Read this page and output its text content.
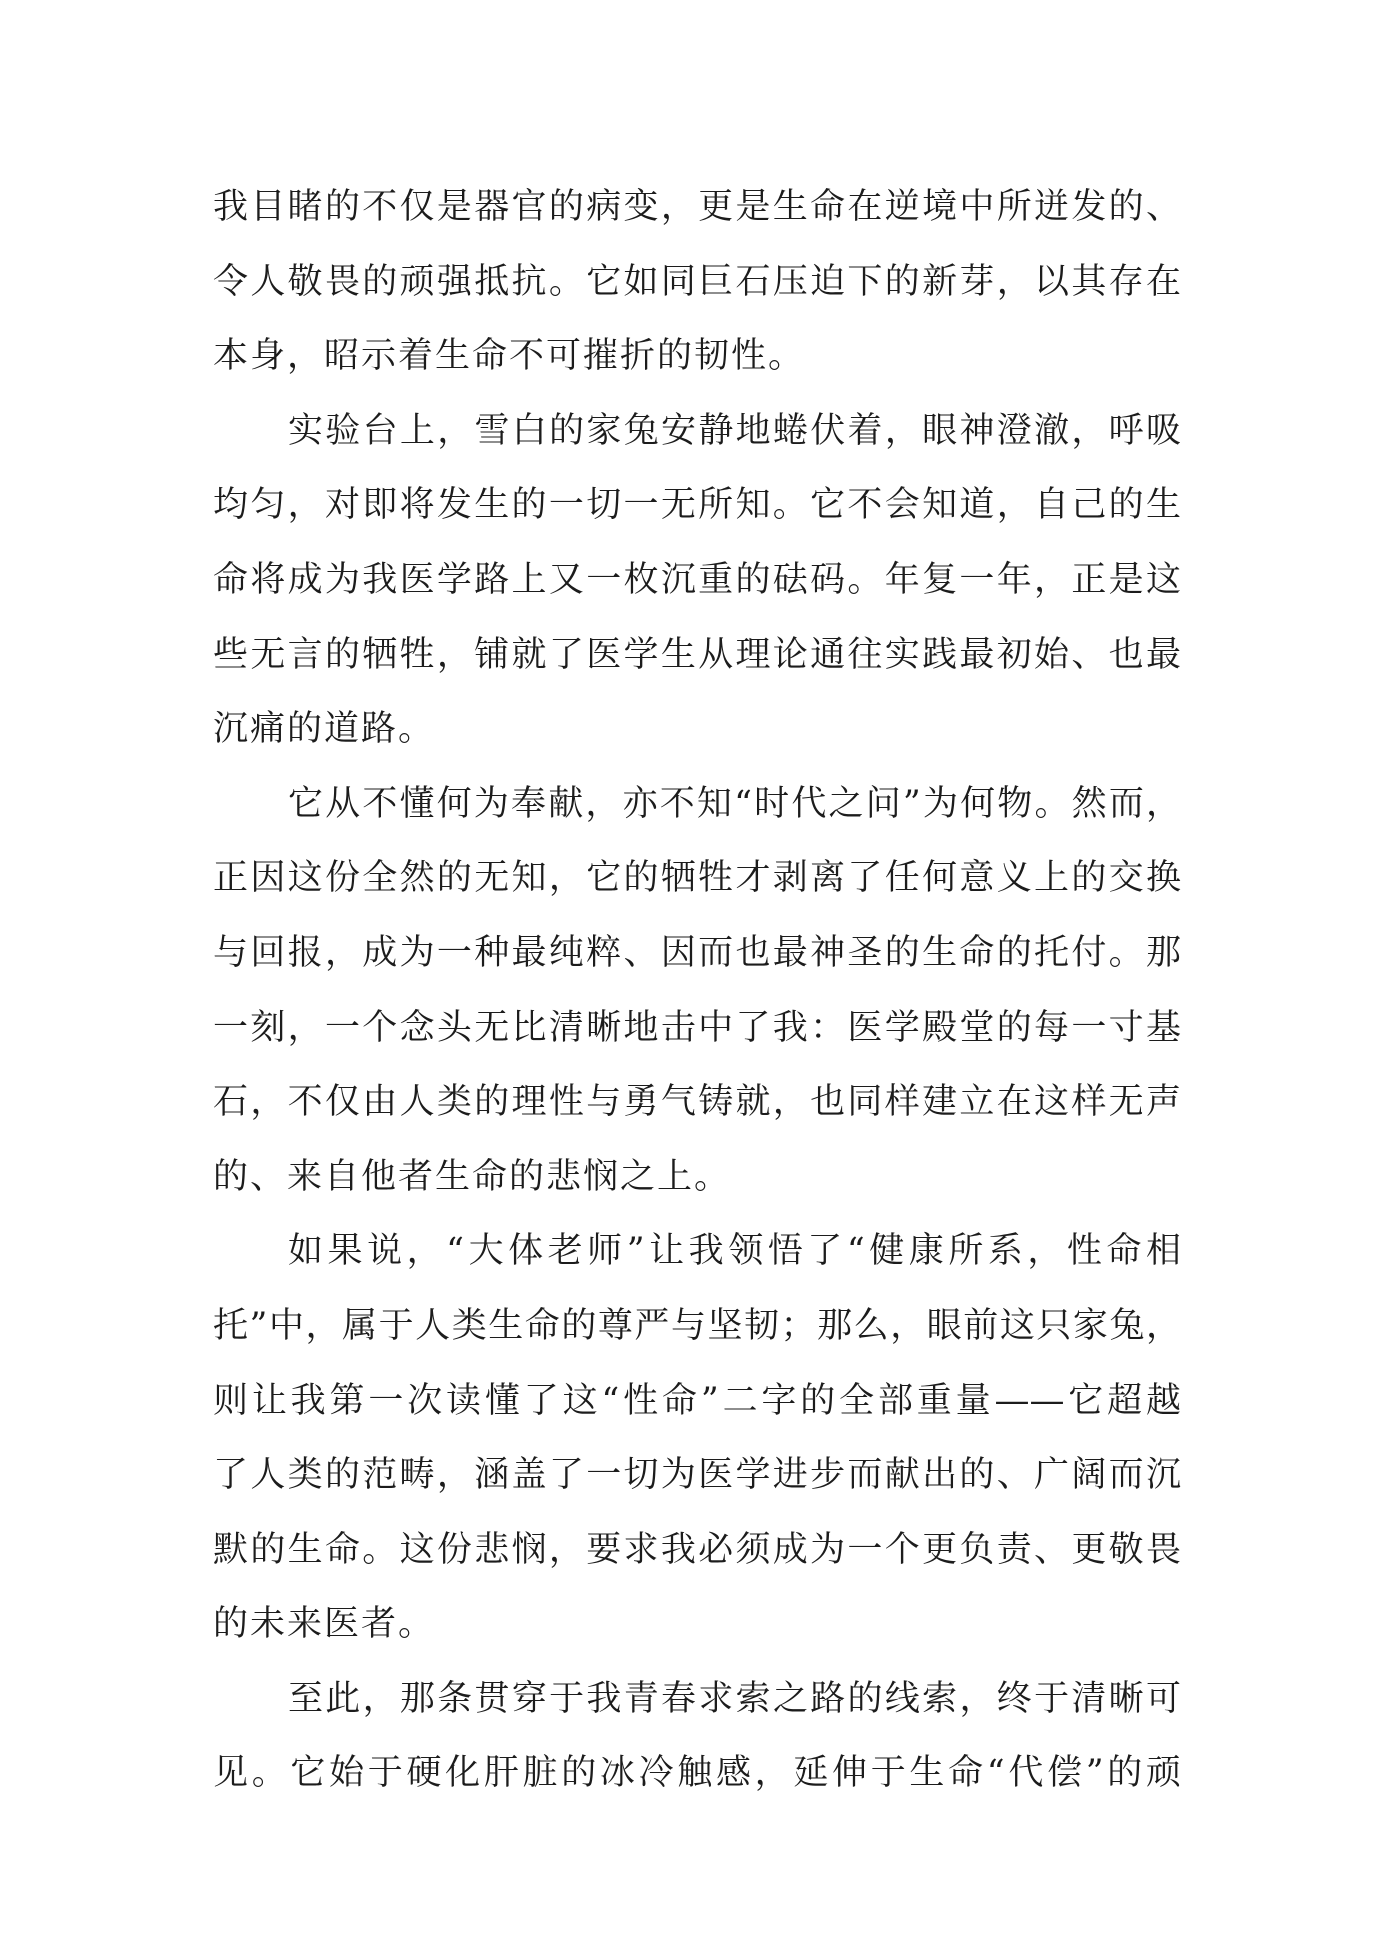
我目睹的不仅是器官的病变，更是生命在逆境中所迸发的、
令人敬畏的顽强抵抗。它如同巨石压迫下的新芽，以其存在
本身，昭示着生命不可摧折的韧性。
实验台上，雪白的家兔安静地蜷伏着，眼神澄澈，呼吸
均匀，对即将发生的一切一无所知。它不会知道，自己的生
命将成为我医学路上又一枚沉重的砝码。年复一年，正是这
些无言的牺牲，铺就了医学生从理论通往实践最初始、也最
沉痛的道路。
它从不懂何为奉献，亦不知“时代之问”为何物。然而，
正因这份全然的无知，它的牺牲才剥离了任何意义上的交换
与回报，成为一种最纯粹、因而也最神圣的生命的托付。那
一刻，一个念头无比清晰地击中了我：医学殿堂的每一寸基
石，不仅由人类的理性与勇气铸就，也同样建立在这样无声
的、来自他者生命的悲悯之上。
如果说，“大体老师”让我领悟了“健康所系，性命相
托”中，属于人类生命的尊严与坚韧；那么，眼前这只家兔，
则让我第一次读懂了这“性命”二字的全部重量——它超越
了人类的范畴，涵盖了一切为医学进步而献出的、广阔而沉
默的生命。这份悲悯，要求我必须成为一个更负责、更敬畏
的未来医者。
至此，那条贯穿于我青春求索之路的线索，终于清晰可
见。它始于硬化肝脏的冰冷触感，延伸于生命“代偿”的顽
